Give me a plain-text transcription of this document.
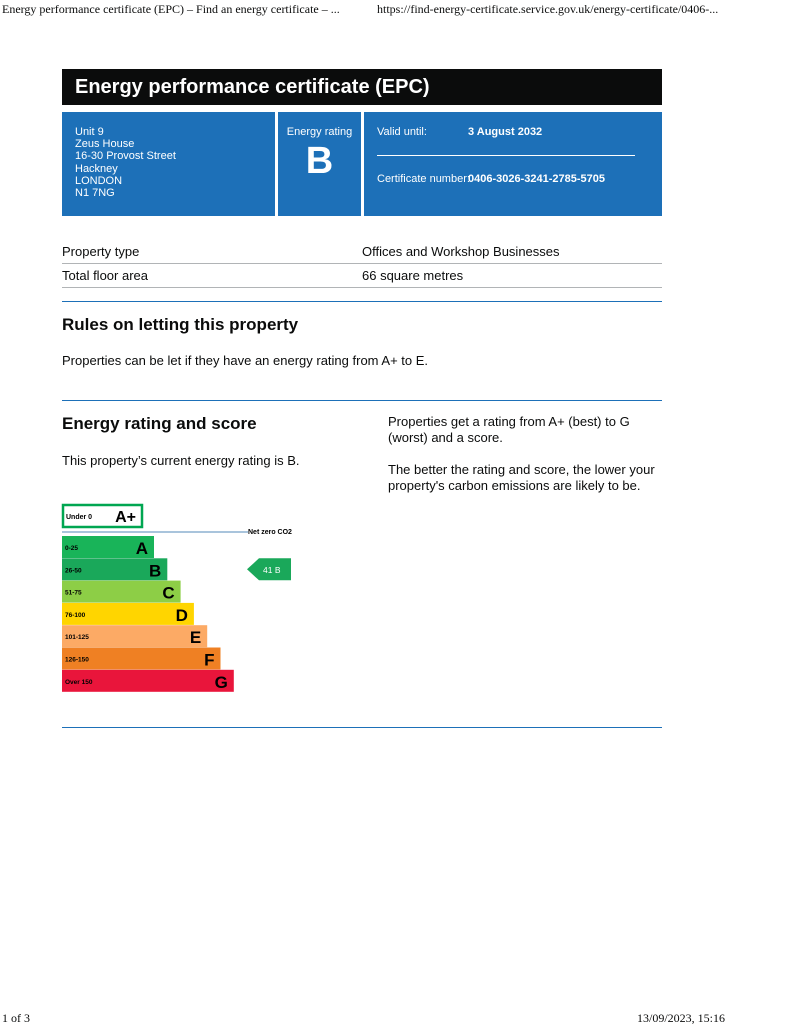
Energy performance certificate (EPC) – Find an energy certificate – ...	https://find-energy-certificate.service.gov.uk/energy-certificate/0406-...
Energy performance certificate (EPC)
Unit 9
Zeus House
16-30 Provost Street
Hackney
LONDON
N1 7NG
Energy rating
B
Valid until:	3 August 2032
Certificate number:
0406-3026-3241-2785-5705
Property type	Offices and Workshop Businesses
Total floor area	66 square metres
Rules on letting this property

Properties can be let if they have an energy rating from A+ to E.

Energy rating and score

This property’s current energy rating is B.

Properties get a rating from A+ (best) to G
(worst) and a score.

The better the rating and score, the lower your
property's carbon emissions are likely to be.

Under 0 A+
Net zero CO2
0-25	A
26-50	B
51-75	C
76-100	D
101-125	E
126-150	F
Over 150	G
41 B
1 of 3	13/09/2023, 15:16
